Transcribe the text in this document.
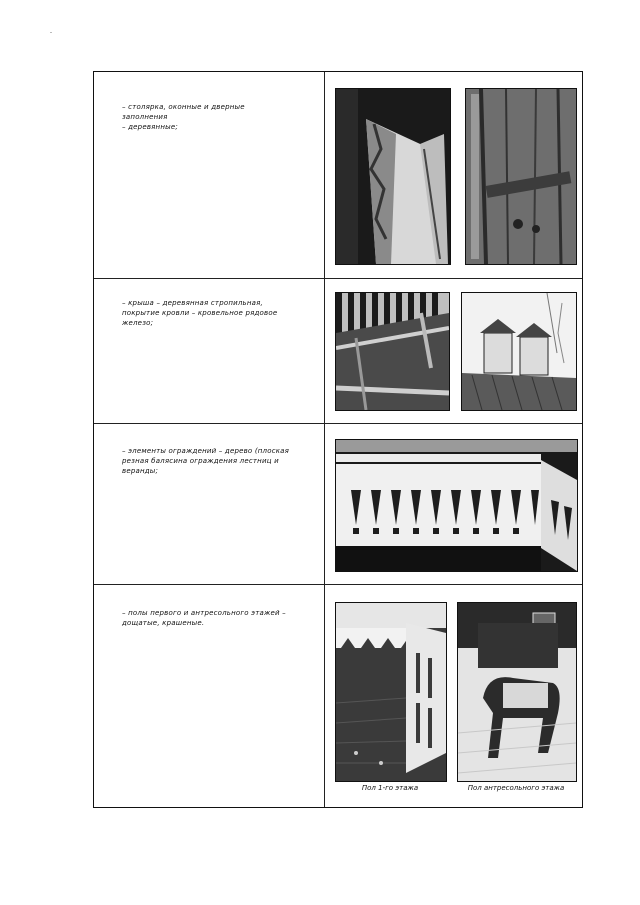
– столярка, оконные и дверные заполнения
– деревянные;
– крыша – деревянная стропильная,
покрытие кровли – кровельное рядовое
железо;
– элементы ограждений – дерево (плоская
резная балясина ограждения лестниц и
веранды;
– полы первого и антресольного этажей –
дощатые, крашеные.
Пол 1-го этажа	Пол антресольного этажа
